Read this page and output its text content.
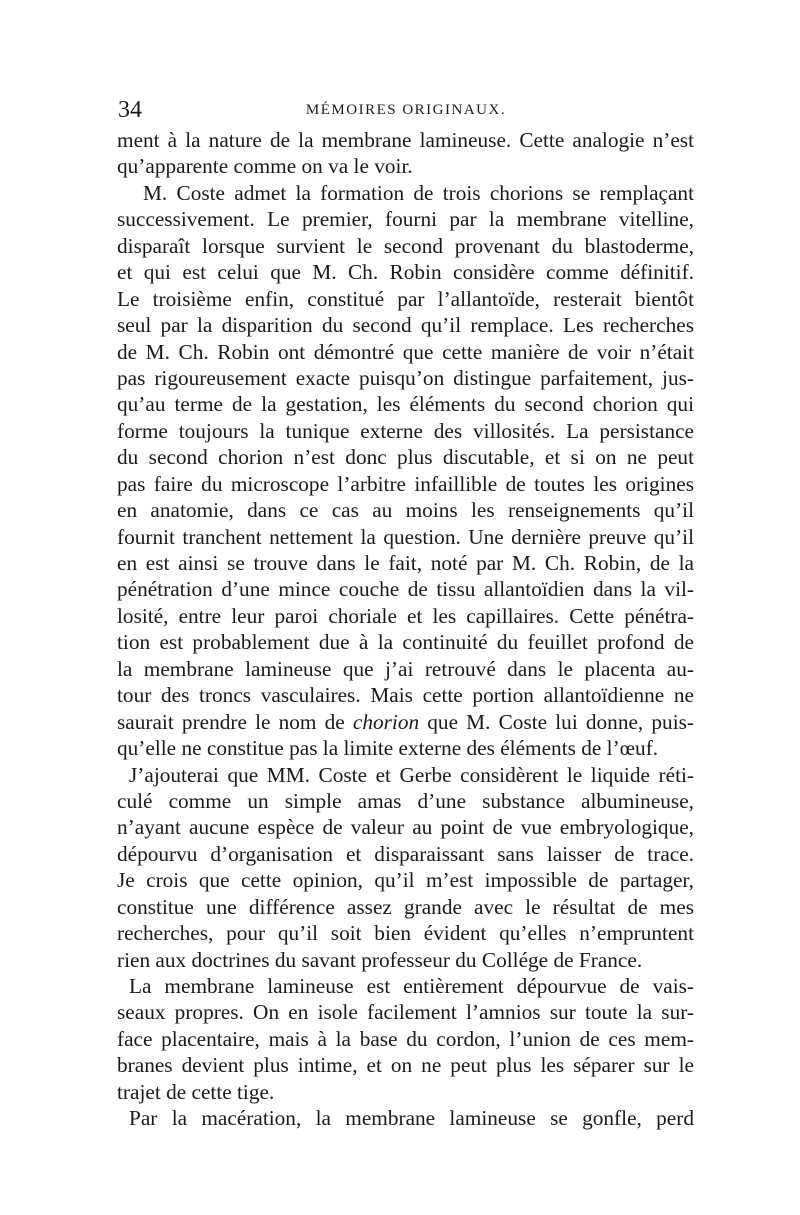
34	MÉMOIRES ORIGINAUX.
ment à la nature de la membrane lamineuse. Cette analogie n’est
qu’apparente comme on va le voir.
M. Coste admet la formation de trois chorions se remplaçant
successivement. Le premier, fourni par la membrane vitelline,
disparaît lorsque survient le second provenant du blastoderme,
et qui est celui que M. Ch. Robin considère comme définitif.
Le troisième enfin, constitué par l’allantoïde, resterait bientôt
seul par la disparition du second qu’il remplace. Les recherches
de M. Ch. Robin ont démontré que cette manière de voir n’était
pas rigoureusement exacte puisqu’on distingue parfaitement, jus-
qu’au terme de la gestation, les éléments du second chorion qui
forme toujours la tunique externe des villosités. La persistance
du second chorion n’est donc plus discutable, et si on ne peut
pas faire du microscope l’arbitre infaillible de toutes les origines
en anatomie, dans ce cas au moins les renseignements qu’il
fournit tranchent nettement la question. Une dernière preuve qu’il
en est ainsi se trouve dans le fait, noté par M. Ch. Robin, de la
pénétration d’une mince couche de tissu allantoïdien dans la vil-
losité, entre leur paroi choriale et les capillaires. Cette pénétra-
tion est probablement due à la continuité du feuillet profond de
la membrane lamineuse que j’ai retrouvé dans le placenta au-
tour des troncs vasculaires. Mais cette portion allantoïdienne ne
saurait prendre le nom de chorion que M. Coste lui donne, puis-
qu’elle ne constitue pas la limite externe des éléments de l’œuf.
J’ajouterai que MM. Coste et Gerbe considèrent le liquide réti-
culé comme un simple amas d’une substance albumineuse,
n’ayant aucune espèce de valeur au point de vue embryologique,
dépourvu d’organisation et disparaissant sans laisser de trace.
Je crois que cette opinion, qu’il m’est impossible de partager,
constitue une différence assez grande avec le résultat de mes
recherches, pour qu’il soit bien évident qu’elles n’empruntent
rien aux doctrines du savant professeur du Collége de France.
La membrane lamineuse est entièrement dépourvue de vais-
seaux propres. On en isole facilement l’amnios sur toute la sur-
face placentaire, mais à la base du cordon, l’union de ces mem-
branes devient plus intime, et on ne peut plus les séparer sur le
trajet de cette tige.
Par la macération, la membrane lamineuse se gonfle, perd
